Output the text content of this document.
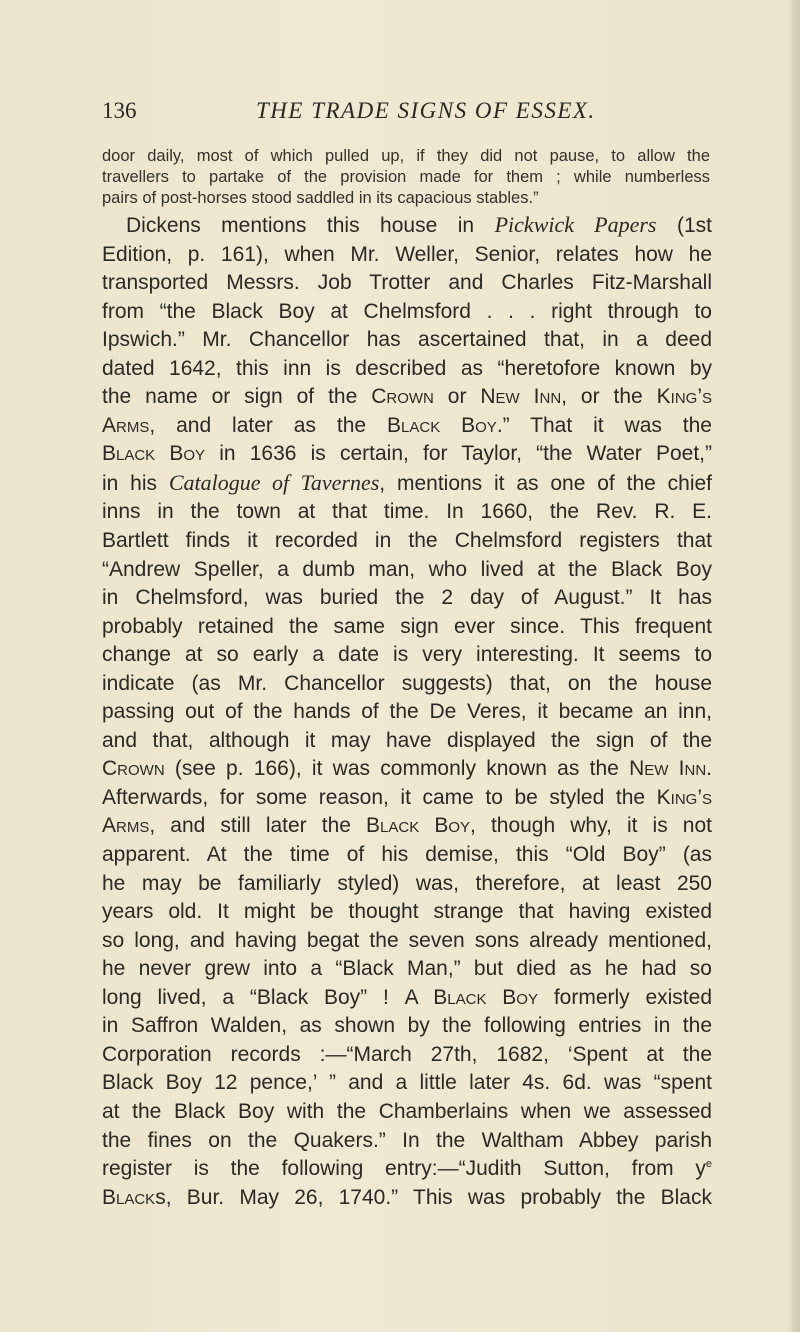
136	THE TRADE SIGNS OF ESSEX.
door daily, most of which pulled up, if they did not pause, to allow the
travellers to partake of the provision made for them ; while numberless
pairs of post-horses stood saddled in its capacious stables.”
Dickens mentions this house in Pickwick Papers (1st
Edition, p. 161), when Mr. Weller, Senior, relates how he
transported Messrs. Job Trotter and Charles Fitz-Marshall
from “the Black Boy at Chelmsford . . . right through to
Ipswich.” Mr. Chancellor has ascertained that, in a deed
dated 1642, this inn is described as “heretofore known by
the name or sign of the Crown or New Inn, or the King’s
Arms, and later as the Black Boy.” That it was the
Black Boy in 1636 is certain, for Taylor, “the Water Poet,”
in his Catalogue of Tavernes, mentions it as one of the chief
inns in the town at that time. In 1660, the Rev. R. E.
Bartlett finds it recorded in the Chelmsford registers that
“Andrew Speller, a dumb man, who lived at the Black Boy
in Chelmsford, was buried the 2 day of August.” It has
probably retained the same sign ever since. This frequent
change at so early a date is very interesting. It seems to
indicate (as Mr. Chancellor suggests) that, on the house
passing out of the hands of the De Veres, it became an inn,
and that, although it may have displayed the sign of the
Crown (see p. 166), it was commonly known as the New Inn.
Afterwards, for some reason, it came to be styled the King’s
Arms, and still later the Black Boy, though why, it is not
apparent. At the time of his demise, this “Old Boy” (as
he may be familiarly styled) was, therefore, at least 250
years old. It might be thought strange that having existed
so long, and having begat the seven sons already mentioned,
he never grew into a “Black Man,” but died as he had so
long lived, a “Black Boy” ! A Black Boy formerly existed
in Saffron Walden, as shown by the following entries in the
Corporation records :—“March 27th, 1682, ‘Spent at the
Black Boy 12 pence,’ ” and a little later 4s. 6d. was “spent
at the Black Boy with the Chamberlains when we assessed
the fines on the Quakers.” In the Waltham Abbey parish
register is the following entry:—“Judith Sutton, from $y^e$
Blacks, Bur. May 26, 1740.” This was probably the Black
